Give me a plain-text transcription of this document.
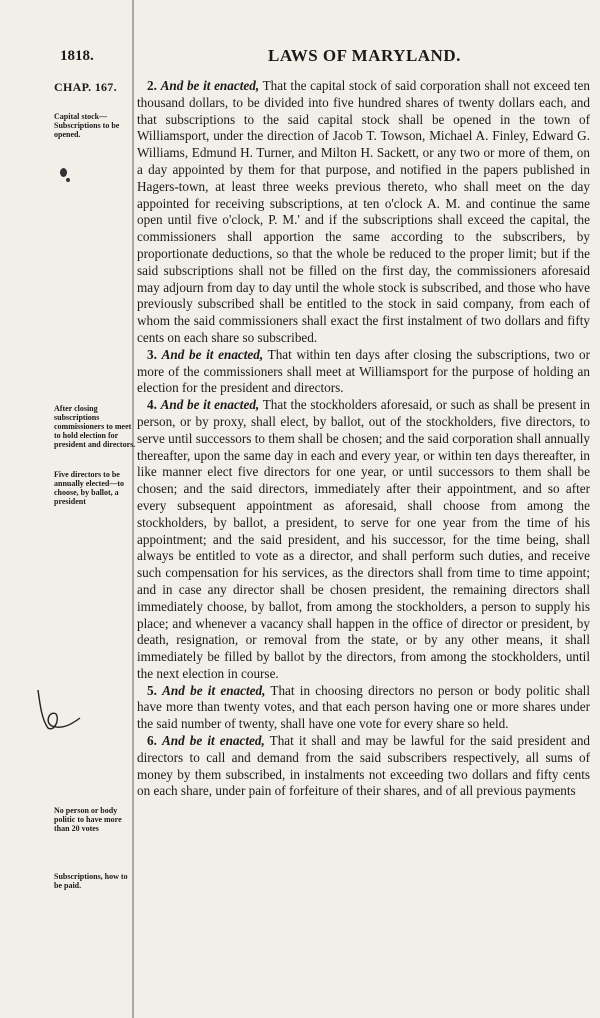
1818.	LAWS OF MARYLAND.
CHAP. 167.
Capital stock—Subscriptions to be opened.
After closing subscriptions commissioners to meet to hold election for president and directors.
Five directors to be annually elected—to choose, by ballot, a president
No person or body politic to have more than 20 votes
Subscriptions, how to be paid.

2. And be it enacted, That the capital stock of said corporation shall not exceed ten thousand dollars, to be divided into five hundred shares of twenty dollars each, and that subscriptions to the said capital stock shall be opened in the town of Williamsport, under the direction of Jacob T. Towson, Michael A. Finley, Edward G. Williams, Edmund H. Turner, and Milton H. Sackett, or any two or more of them, on a day appointed by them for that purpose, and notified in the papers published in Hagers-town, at least three weeks previous thereto, who shall meet on the day appointed for receiving subscriptions, at ten o'clock A. M. and continue the same open until five o'clock, P. M.' and if the subscriptions shall exceed the capital, the commissioners shall apportion the same according to the subscribers, by proportionate deductions, so that the whole be reduced to the proper limit; but if the said subscriptions shall not be filled on the first day, the commissioners aforesaid may adjourn from day to day until the whole stock is subscribed, and those who have previously subscribed shall be entitled to the stock in said company, from each of whom the said commissioners shall exact the first instalment of two dollars and fifty cents on each share so subscribed.

3. And be it enacted, That within ten days after closing the subscriptions, two or more of the commissioners shall meet at Williamsport for the purpose of holding an election for the president and directors.

4. And be it enacted, That the stockholders aforesaid, or such as shall be present in person, or by proxy, shall elect, by ballot, out of the stockholders, five directors, to serve until successors to them shall be chosen; and the said corporation shall annually thereafter, upon the same day in each and every year, or within ten days thereafter, in like manner elect five directors for one year, or until successors to them shall be chosen; and the said directors, immediately after their appointment, and so after every subsequent appointment as aforesaid, shall choose from among the stockholders, by ballot, a president, to serve for one year from the time of his appointment; and the said president, and his successor, for the time being, shall always be entitled to vote as a director, and shall perform such duties, and receive such compensation for his services, as the directors shall from time to time appoint; and in case any director shall be chosen president, the remaining directors shall immediately choose, by ballot, from among the stockholders, a person to supply his place; and whenever a vacancy shall happen in the office of director or president, by death, resignation, or removal from the state, or by any other means, it shall immediately be filled by ballot by the directors, from among the stockholders, until the next election in course.

5. And be it enacted, That in choosing directors no person or body politic shall have more than twenty votes, and that each person having one or more shares under the said number of twenty, shall have one vote for every share so held.

6. And be it enacted, That it shall and may be lawful for the said president and directors to call and demand from the said subscribers respectively, all sums of money by them subscribed, in instalments not exceeding two dollars and fifty cents on each share, under pain of forfeiture of their shares, and of all previous payments
